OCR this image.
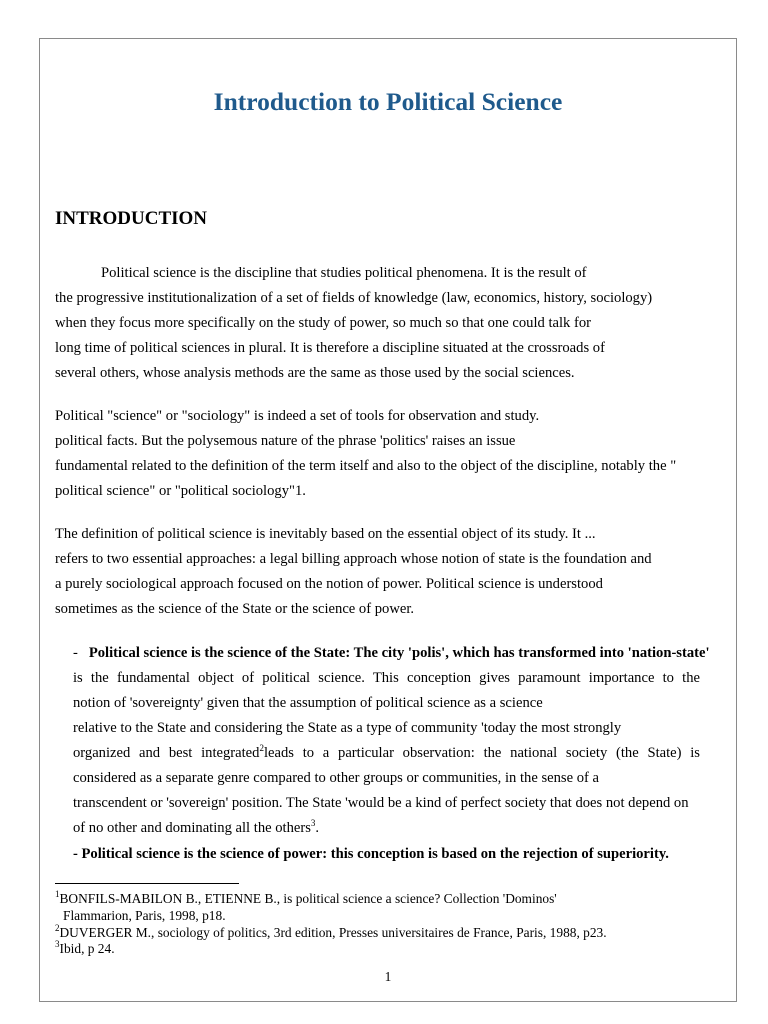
Introduction to Political Science
INTRODUCTION
Political science is the discipline that studies political phenomena. It is the result of
the progressive institutionalization of a set of fields of knowledge (law, economics, history, sociology)
when they focus more specifically on the study of power, so much so that one could talk for
long time of political sciences in plural. It is therefore a discipline situated at the crossroads of
several others, whose analysis methods are the same as those used by the social sciences.
Political "science" or "sociology" is indeed a set of tools for observation and study.
political facts. But the polysemous nature of the phrase 'politics' raises an issue
fundamental related to the definition of the term itself and also to the object of the discipline, notably the "
political science" or "political sociology"1.
The definition of political science is inevitably based on the essential object of its study. It ...
refers to two essential approaches: a legal billing approach whose notion of state is the foundation and
a purely sociological approach focused on the notion of power. Political science is understood
sometimes as the science of the State or the science of power.
- Political science is the science of the State: The city 'polis', which has transformed into 'nation-state'
is the fundamental object of political science. This conception gives paramount importance to the
notion of 'sovereignty' given that the assumption of political science as a science
relative to the State and considering the State as a type of community 'today the most strongly
organized and best integrated$^2$leads to a particular observation: the national society (the State) is
considered as a separate genre compared to other groups or communities, in the sense of a
transcendent or 'sovereign' position. The State 'would be a kind of perfect society that does not depend on
of no other and dominating all the others$^3$.
- Political science is the science of power: this conception is based on the rejection of superiority.
$^1$BONFILS-MABILON B., ETIENNE B., is political science a science? Collection 'Dominos'
Flammarion, Paris, 1998, p18.
$^2$DUVERGER M., sociology of politics, 3rd edition, Presses universitaires de France, Paris, 1988, p23.
$^3$Ibid, p 24.
1
